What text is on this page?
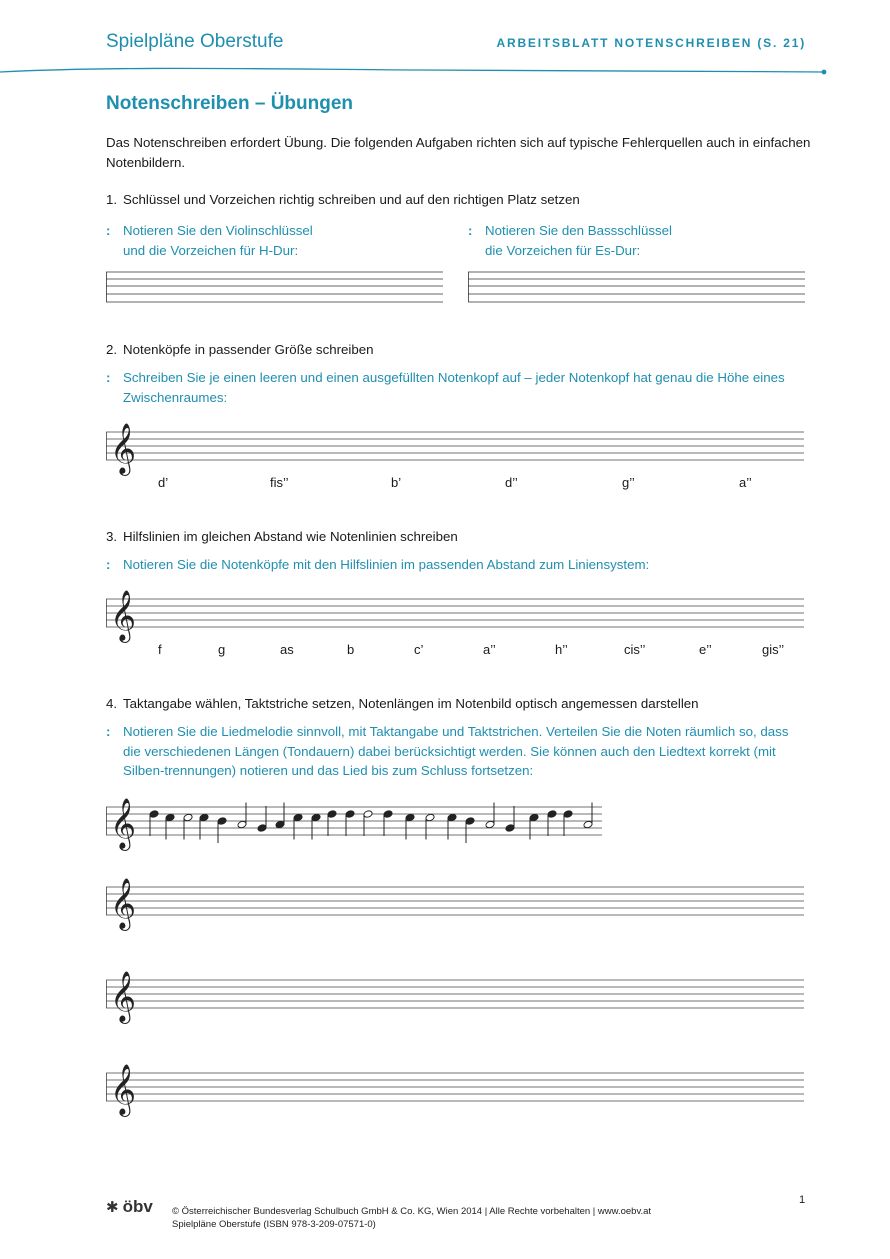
Spielpläne Oberstufe	ARBEITSBLATT NOTENSCHREIBEN (S. 21)
Notenschreiben – Übungen
Das Notenschreiben erfordert Übung. Die folgenden Aufgaben richten sich auf typische Fehlerquellen auch in einfachen Notenbildern.
1. Schlüssel und Vorzeichen richtig schreiben und auf den richtigen Platz setzen
: Notieren Sie den Violinschlüssel und die Vorzeichen für H-Dur:
: Notieren Sie den Bassschlüssel die Vorzeichen für Es-Dur:
2. Notenköpfe in passender Größe schreiben
: Schreiben Sie je einen leeren und einen ausgefüllten Notenkopf auf – jeder Notenkopf hat genau die Höhe eines Zwischenraumes:
𝄞
d’	fis’’	b’	d’’	g’’	a’’
3. Hilfslinien im gleichen Abstand wie Notenlinien schreiben
: Notieren Sie die Notenköpfe mit den Hilfslinien im passenden Abstand zum Liniensystem:
𝄞
f	g	as	b	c’	a’’	h’’	cis’’	e’’	gis’’
4. Taktangabe wählen, Taktstriche setzen, Notenlängen im Notenbild optisch angemessen darstellen
: Notieren Sie die Liedmelodie sinnvoll, mit Taktangabe und Taktstrichen. Verteilen Sie die Noten räumlich so, dass die verschiedenen Längen (Tondauern) dabei berücksichtigt werden. Sie können auch den Liedtext korrekt (mit Silben-trennungen) notieren und das Lied bis zum Schluss fortsetzen:
𝄞
𝄞
𝄞
𝄞
✱ öbv © Österreichischer Bundesverlag Schulbuch GmbH & Co. KG, Wien 2014 | Alle Rechte vorbehalten | www.oebv.at
Spielpläne Oberstufe (ISBN 978-3-209-07571-0)
1
